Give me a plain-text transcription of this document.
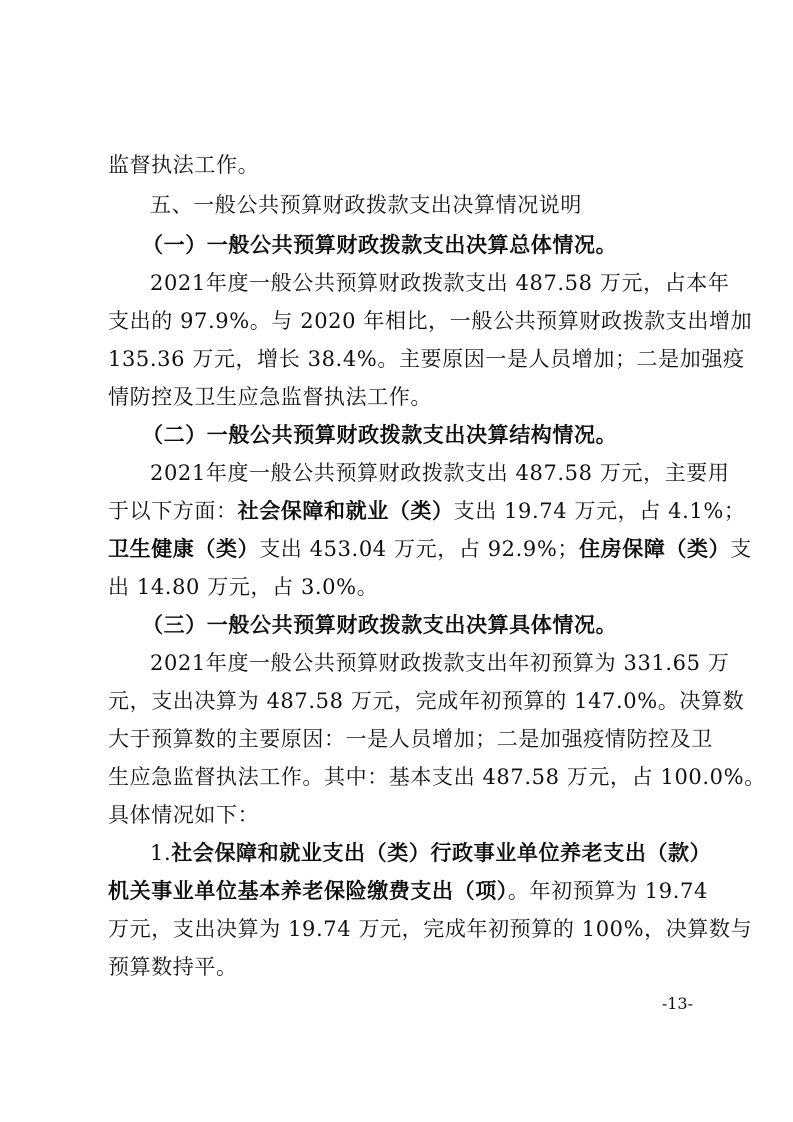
监督执法工作。
五、一般公共预算财政拨款支出决算情况说明
（一）一般公共预算财政拨款支出决算总体情况。
2021年度一般公共预算财政拨款支出 487.58 万元，占本年
支出的 97.9%。与 2020 年相比，一般公共预算财政拨款支出增加
135.36 万元，增长 38.4%。主要原因一是人员增加；二是加强疫
情防控及卫生应急监督执法工作。
（二）一般公共预算财政拨款支出决算结构情况。
2021年度一般公共预算财政拨款支出 487.58 万元，主要用
于以下方面：社会保障和就业（类）支出 19.74 万元，占 4.1%；
卫生健康（类）支出 453.04 万元，占 92.9%；住房保障（类）支
出 14.80 万元，占 3.0%。
（三）一般公共预算财政拨款支出决算具体情况。
2021年度一般公共预算财政拨款支出年初预算为 331.65 万
元，支出决算为 487.58 万元，完成年初预算的 147.0%。决算数
大于预算数的主要原因：一是人员增加；二是加强疫情防控及卫
生应急监督执法工作。其中：基本支出 487.58 万元，占 100.0%。
具体情况如下：
1.社会保障和就业支出（类）行政事业单位养老支出（款）
机关事业单位基本养老保险缴费支出（项）。年初预算为 19.74
万元，支出决算为 19.74 万元，完成年初预算的 100%，决算数与
预算数持平。
-13-
